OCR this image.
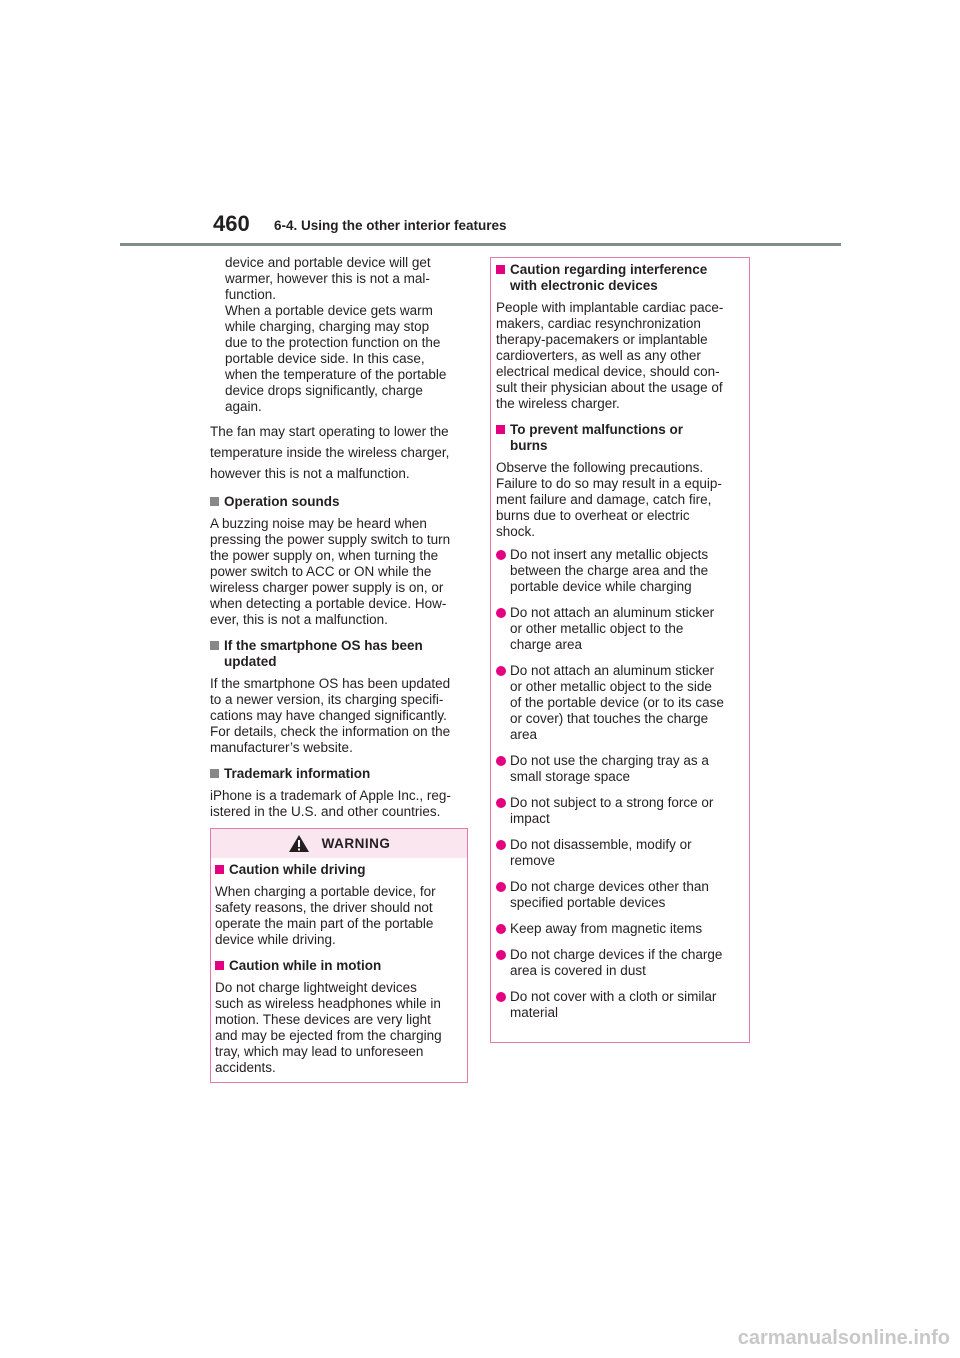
460 6-4. Using the other interior features

device and portable device will get

warmer, however this is not a mal-

function.

When a portable device gets warm

while charging, charging may stop

due to the protection function on the

portable device side. In this case,

when the temperature of the portable

device drops significantly, charge

again.

The fan may start operating to lower the

temperature inside the wireless charger,

however this is not a malfunction.

Operation sounds

A buzzing noise may be heard when

pressing the power supply switch to turn

the power supply on, when turning the

power switch to ACC or ON while the

wireless charger power supply is on, or

when detecting a portable device. How-

ever, this is not a malfunction.

If the smartphone OS has been

updated

If the smartphone OS has been updated

to a newer version, its charging specifi-

cations may have changed significantly.

For details, check the information on the

manufacturer’s website.

Trademark information

iPhone is a trademark of Apple Inc., reg-

istered in the U.S. and other countries.

WARNING

Caution while driving

When charging a portable device, for

safety reasons, the driver should not

operate the main part of the portable

device while driving.

Caution while in motion

Do not charge lightweight devices

such as wireless headphones while in

motion. These devices are very light

and may be ejected from the charging

tray, which may lead to unforeseen

accidents.

Caution regarding interference

with electronic devices

People with implantable cardiac pace-

makers, cardiac resynchronization

therapy-pacemakers or implantable

cardioverters, as well as any other

electrical medical device, should con-

sult their physician about the usage of

the wireless charger.

To prevent malfunctions or

burns

Observe the following precautions.

Failure to do so may result in a equip-

ment failure and damage, catch fire,

burns due to overheat or electric

shock.

Do not insert any metallic objects

between the charge area and the

portable device while charging

Do not attach an aluminum sticker

or other metallic object to the

charge area

Do not attach an aluminum sticker

or other metallic object to the side

of the portable device (or to its case

or cover) that touches the charge

area

Do not use the charging tray as a

small storage space

Do not subject to a strong force or

impact

Do not disassemble, modify or

remove

Do not charge devices other than

specified portable devices

Keep away from magnetic items

Do not charge devices if the charge

area is covered in dust

Do not cover with a cloth or similar

material

carmanualsonline.info
